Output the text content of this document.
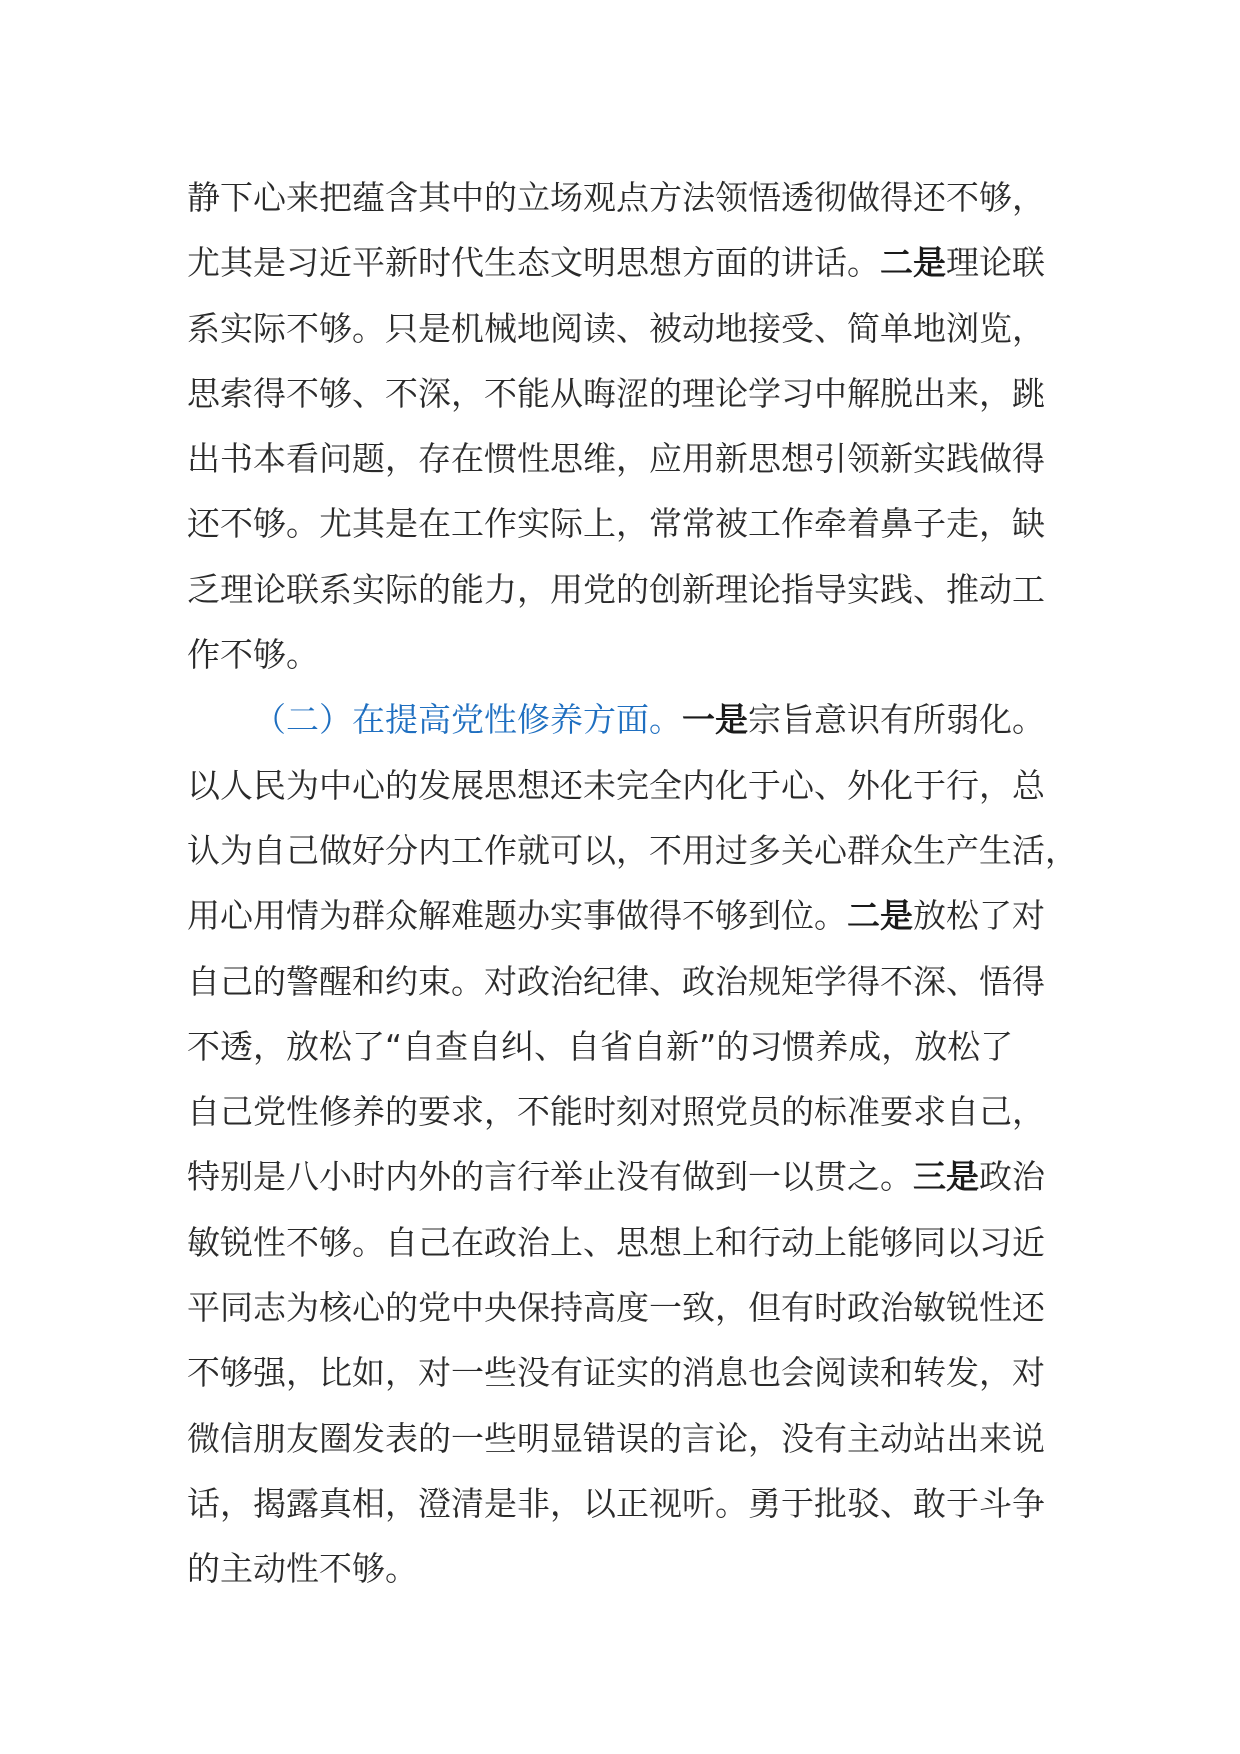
静下心来把蕴含其中的立场观点方法领悟透彻做得还不够，
尤其是习近平新时代生态文明思想方面的讲话。二是理论联
系实际不够。只是机械地阅读、被动地接受、简单地浏览，
思索得不够、不深，不能从晦涩的理论学习中解脱出来，跳
出书本看问题，存在惯性思维，应用新思想引领新实践做得
还不够。尤其是在工作实际上，常常被工作牵着鼻子走，缺
乏理论联系实际的能力，用党的创新理论指导实践、推动工
作不够。
（二）在提高党性修养方面。一是宗旨意识有所弱化。
以人民为中心的发展思想还未完全内化于心、外化于行，总
认为自己做好分内工作就可以，不用过多关心群众生产生活，
用心用情为群众解难题办实事做得不够到位。二是放松了对
自己的警醒和约束。对政治纪律、政治规矩学得不深、悟得
不透，放松了“自查自纠、自省自新”的习惯养成，放松了
自己党性修养的要求，不能时刻对照党员的标准要求自己，
特别是八小时内外的言行举止没有做到一以贯之。三是政治
敏锐性不够。自己在政治上、思想上和行动上能够同以习近
平同志为核心的党中央保持高度一致，但有时政治敏锐性还
不够强，比如，对一些没有证实的消息也会阅读和转发，对
微信朋友圈发表的一些明显错误的言论，没有主动站出来说
话，揭露真相，澄清是非，以正视听。勇于批驳、敢于斗争
的主动性不够。
